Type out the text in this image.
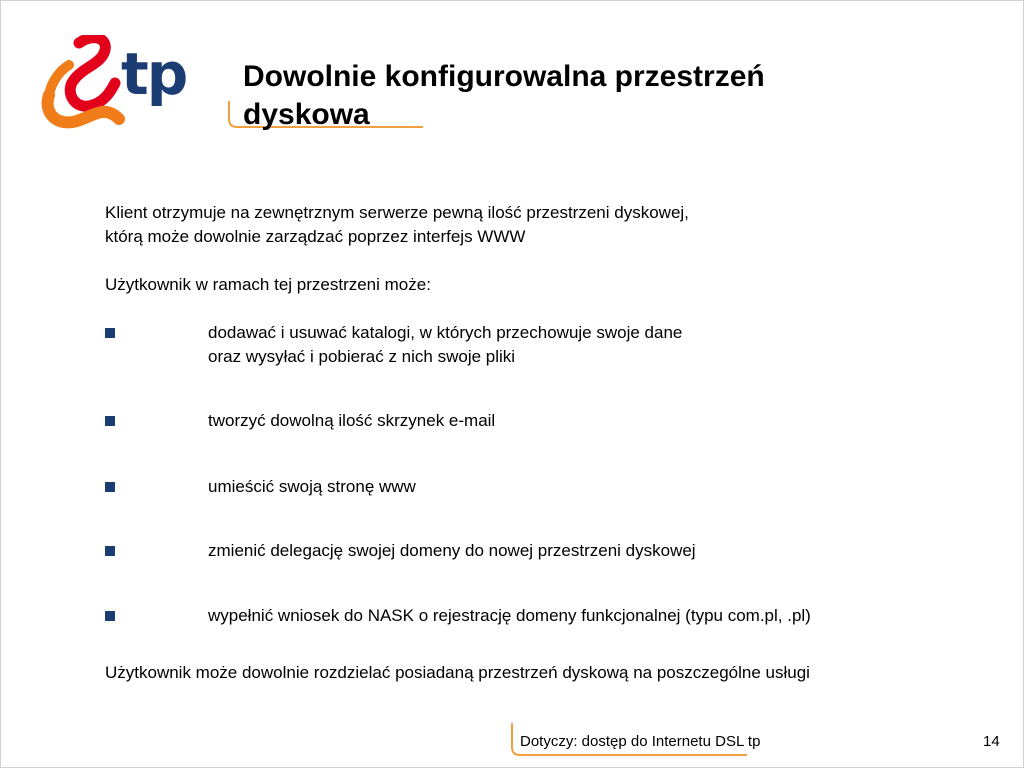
tp Dowolnie konfigurowalna przestrzeń
dyskowa

Klient otrzymuje na zewnętrznym serwerze pewną ilość przestrzeni dyskowej,

którą może dowolnie zarządzać poprzez interfejs WWW

Użytkownik w ramach tej przestrzeni może:

dodawać i usuwać katalogi, w których przechowuje swoje dane
oraz wysyłać i pobierać z nich swoje pliki
tworzyć dowolną ilość skrzynek e-mail
umieścić swoją stronę www
zmienić delegację swojej domeny do nowej przestrzeni dyskowej
wypełnić wniosek do NASK o rejestrację domeny funkcjonalnej (typu com.pl, .pl)
Użytkownik może dowolnie rozdzielać posiadaną przestrzeń dyskową na poszczególne usługi
Dotyczy: dostęp do Internetu DSL tp	14
